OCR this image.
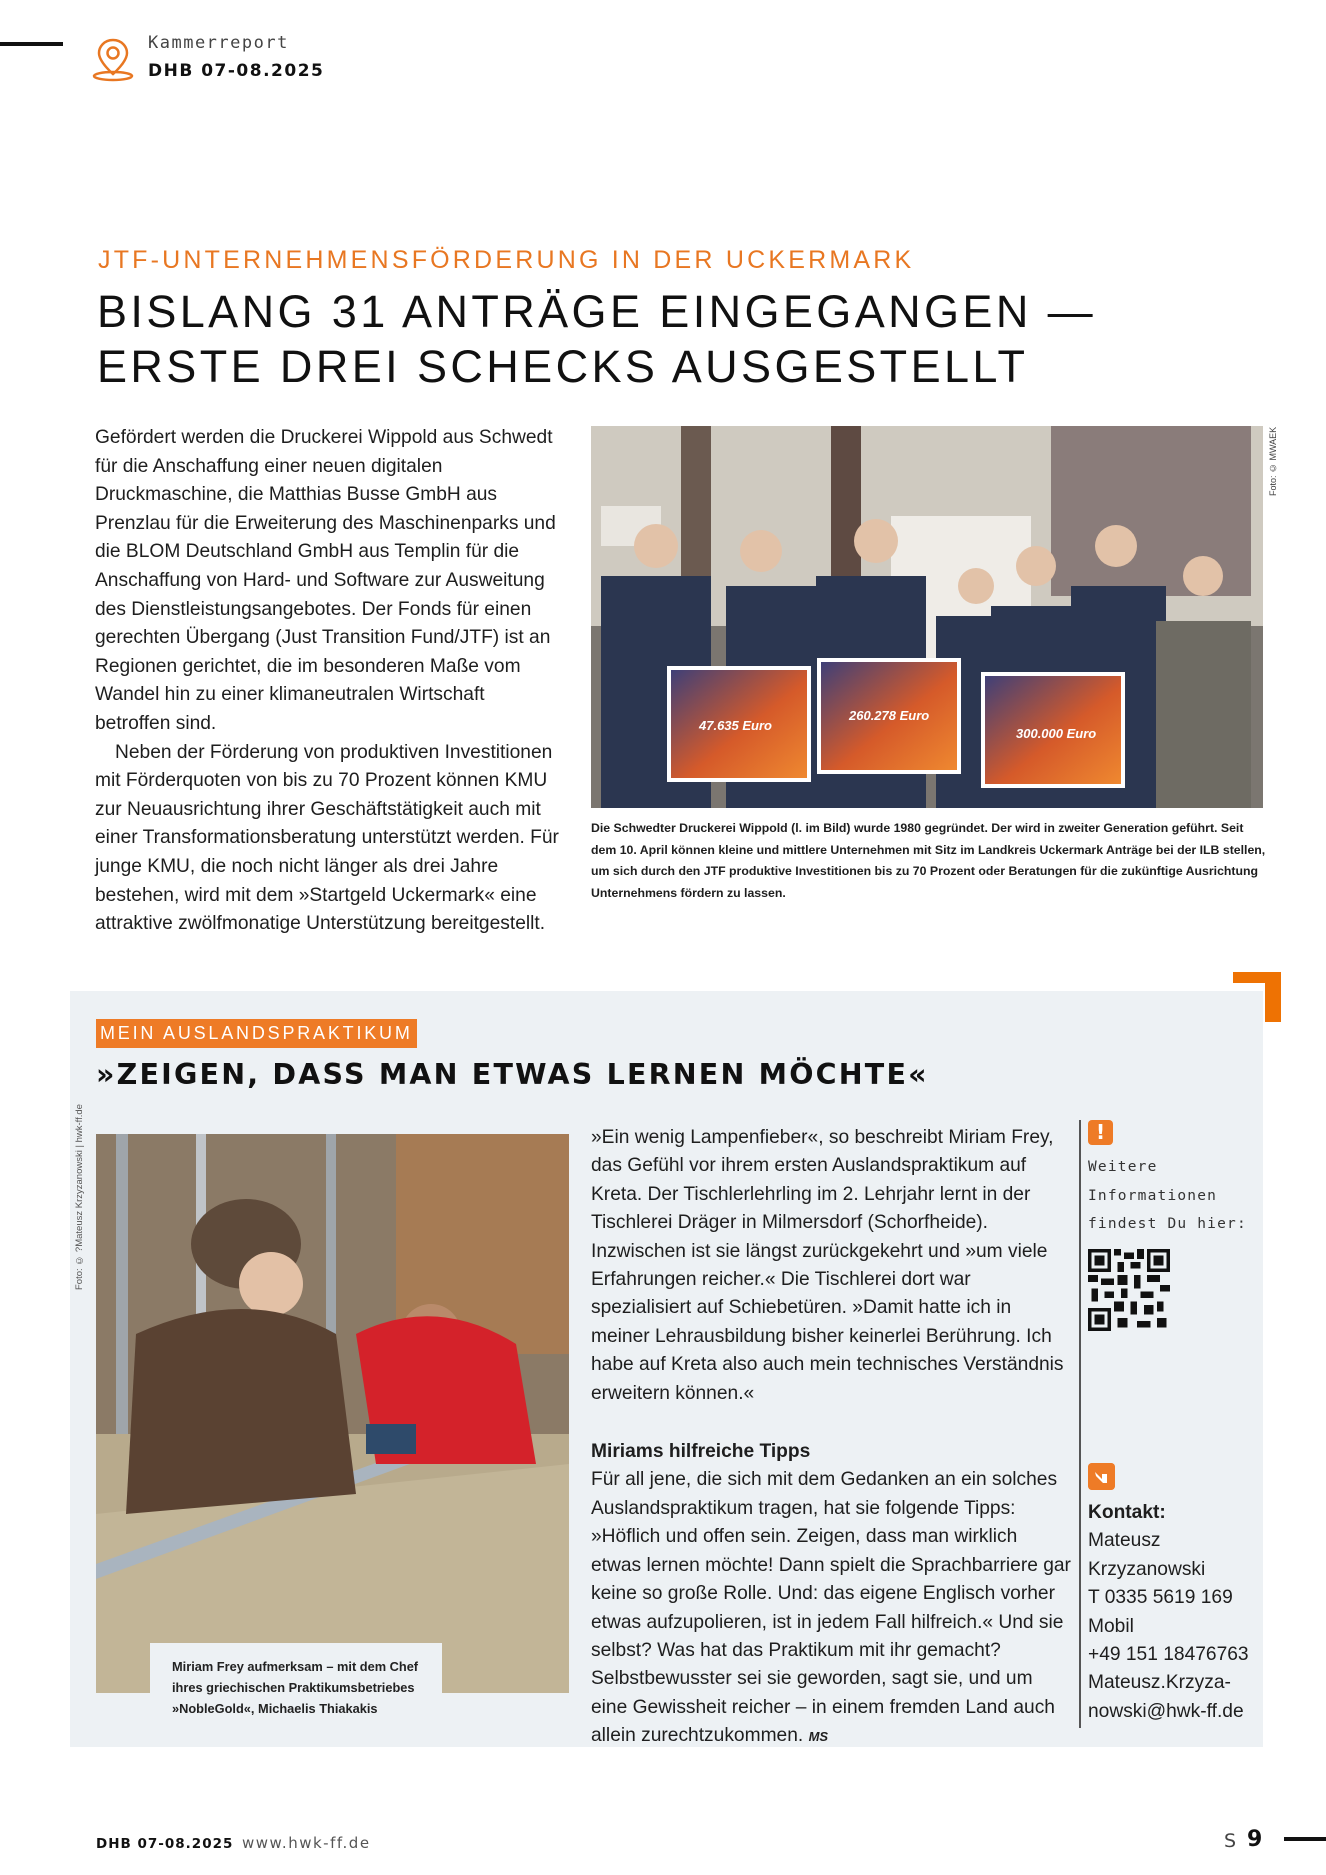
Kammerreport
DHB 07-08.2025
JTF-UNTERNEHMENSFÖRDERUNG IN DER UCKERMARK
BISLANG 31 ANTRÄGE EINGEGANGEN —
ERSTE DREI SCHECKS AUSGESTELLT

Gefördert werden die Druckerei Wippold aus Schwedt für die Anschaffung einer neuen digitalen Druckmaschine, die Matthias Busse GmbH aus Prenzlau für die Erweiterung des Maschinenparks und die BLOM Deutschland GmbH aus Templin für die Anschaffung von Hard- und Software zur Ausweitung des Dienstleistungsangebotes. Der Fonds für einen gerechten Übergang (Just Transition Fund/JTF) ist an Regionen gerichtet, die im besonderen Maße vom Wandel hin zu einer klimaneutralen Wirtschaft betroffen sind.

Neben der Förderung von produktiven Investitionen mit Förderquoten von bis zu 70 Prozent können KMU zur Neuausrichtung ihrer Geschäftstätigkeit auch mit einer Transformationsberatung unterstützt werden. Für junge KMU, die noch nicht länger als drei Jahre bestehen, wird mit dem »Startgeld Uckermark« eine attraktive zwölfmonatige Unterstützung bereitgestellt.

47.635 Euro
260.278 Euro
300.000 Euro
Foto: © MWAEK
Die Schwedter Druckerei Wippold (l. im Bild) wurde 1980 gegründet. Der wird in zweiter Generation geführt. Seit dem 10. April können kleine und mittlere Unternehmen mit Sitz im Landkreis Uckermark Anträge bei der ILB stellen, um sich durch den JTF produktive Investitionen bis zu 70 Prozent oder Beratungen für die zukünftige Ausrichtung Unternehmens fördern zu lassen.
MEIN AUSLANDSPRAKTIKUM
»ZEIGEN, DASS MAN ETWAS LERNEN MÖCHTE«
Foto: © ?Mateusz Krzyzanowski | hwk-ff.de
Miriam Frey aufmerksam – mit dem Chef ihres griechischen Praktikumsbetriebes »NobleGold«, Michaelis Thiakakis

»Ein wenig Lampenfieber«, so beschreibt Miriam Frey, das Gefühl vor ihrem ersten Auslandspraktikum auf Kreta. Der Tischlerlehrling im 2. Lehrjahr lernt in der Tischlerei Dräger in Milmersdorf (Schorfheide). Inzwischen ist sie längst zurückgekehrt und »um viele Erfahrungen reicher.« Die Tischlerei dort war spezialisiert auf Schiebetüren. »Damit hatte ich in meiner Lehrausbildung bisher keinerlei Berührung. Ich habe auf Kreta also auch mein technisches Verständnis erweitern können.«

Miriams hilfreiche Tipps

Für all jene, die sich mit dem Gedanken an ein solches Auslandspraktikum tragen, hat sie folgende Tipps: »Höflich und offen sein. Zeigen, dass man wirklich etwas lernen möchte! Dann spielt die Sprachbarriere gar keine so große Rolle. Und: das eigene Englisch vorher etwas aufzupolieren, ist in jedem Fall hilfreich.« Und sie selbst? Was hat das Praktikum mit ihr gemacht? Selbstbewusster sei sie geworden, sagt sie, und um eine Gewissheit reicher – in einem fremden Land auch allein zurechtzukommen. MS

!
Weitere
Informationen
findest Du hier:
Kontakt:
Mateusz
Krzyzanowski
T 0335 5619 169
Mobil
+49 151 18476763
Mateusz.Krzyza-
nowski@hwk-ff.de
DHB 07-08.2025 www.hwk-ff.de	S 9
